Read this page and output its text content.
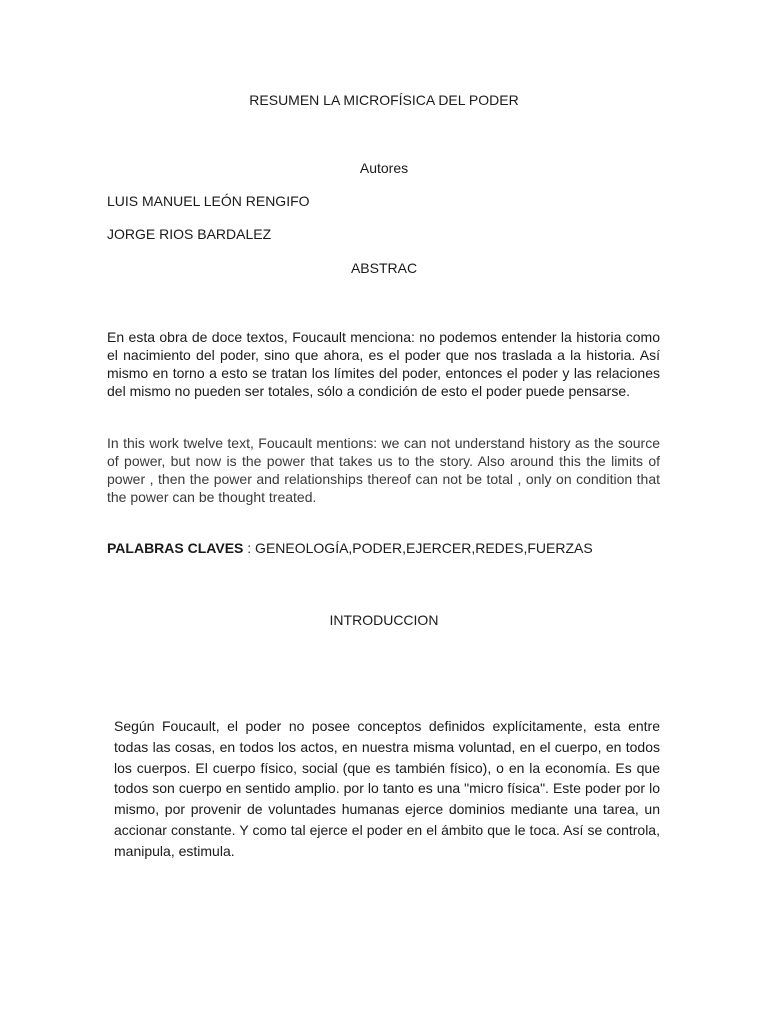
RESUMEN LA MICROFÍSICA DEL PODER
Autores
LUIS MANUEL LEÓN RENGIFO
JORGE RIOS BARDALEZ
ABSTRAC
En esta obra de doce textos, Foucault menciona: no podemos entender la historia como el nacimiento del poder, sino que ahora, es el poder que nos traslada a la historia. Así mismo en torno a esto se tratan los límites del poder, entonces el poder y las relaciones del mismo no pueden ser totales, sólo a condición de esto el poder puede pensarse.
In this work twelve text, Foucault mentions: we can not understand history as the source of power, but now is the power that takes us to the story. Also around this the limits of power , then the power and relationships thereof can not be total , only on condition that the power can be thought treated.
PALABRAS CLAVES : GENEOLOGÍA,PODER,EJERCER,REDES,FUERZAS
INTRODUCCION
Según Foucault, el poder no posee conceptos definidos explícitamente, esta entre todas las cosas, en todos los actos, en nuestra misma voluntad, en el cuerpo, en todos los cuerpos. El cuerpo físico, social (que es también físico), o en la economía. Es que todos son cuerpo en sentido amplio. por lo tanto es una "micro física". Este poder por lo mismo, por provenir de voluntades humanas ejerce dominios mediante una tarea, un accionar constante. Y como tal ejerce el poder en el ámbito que le toca. Así se controla, manipula, estimula.
